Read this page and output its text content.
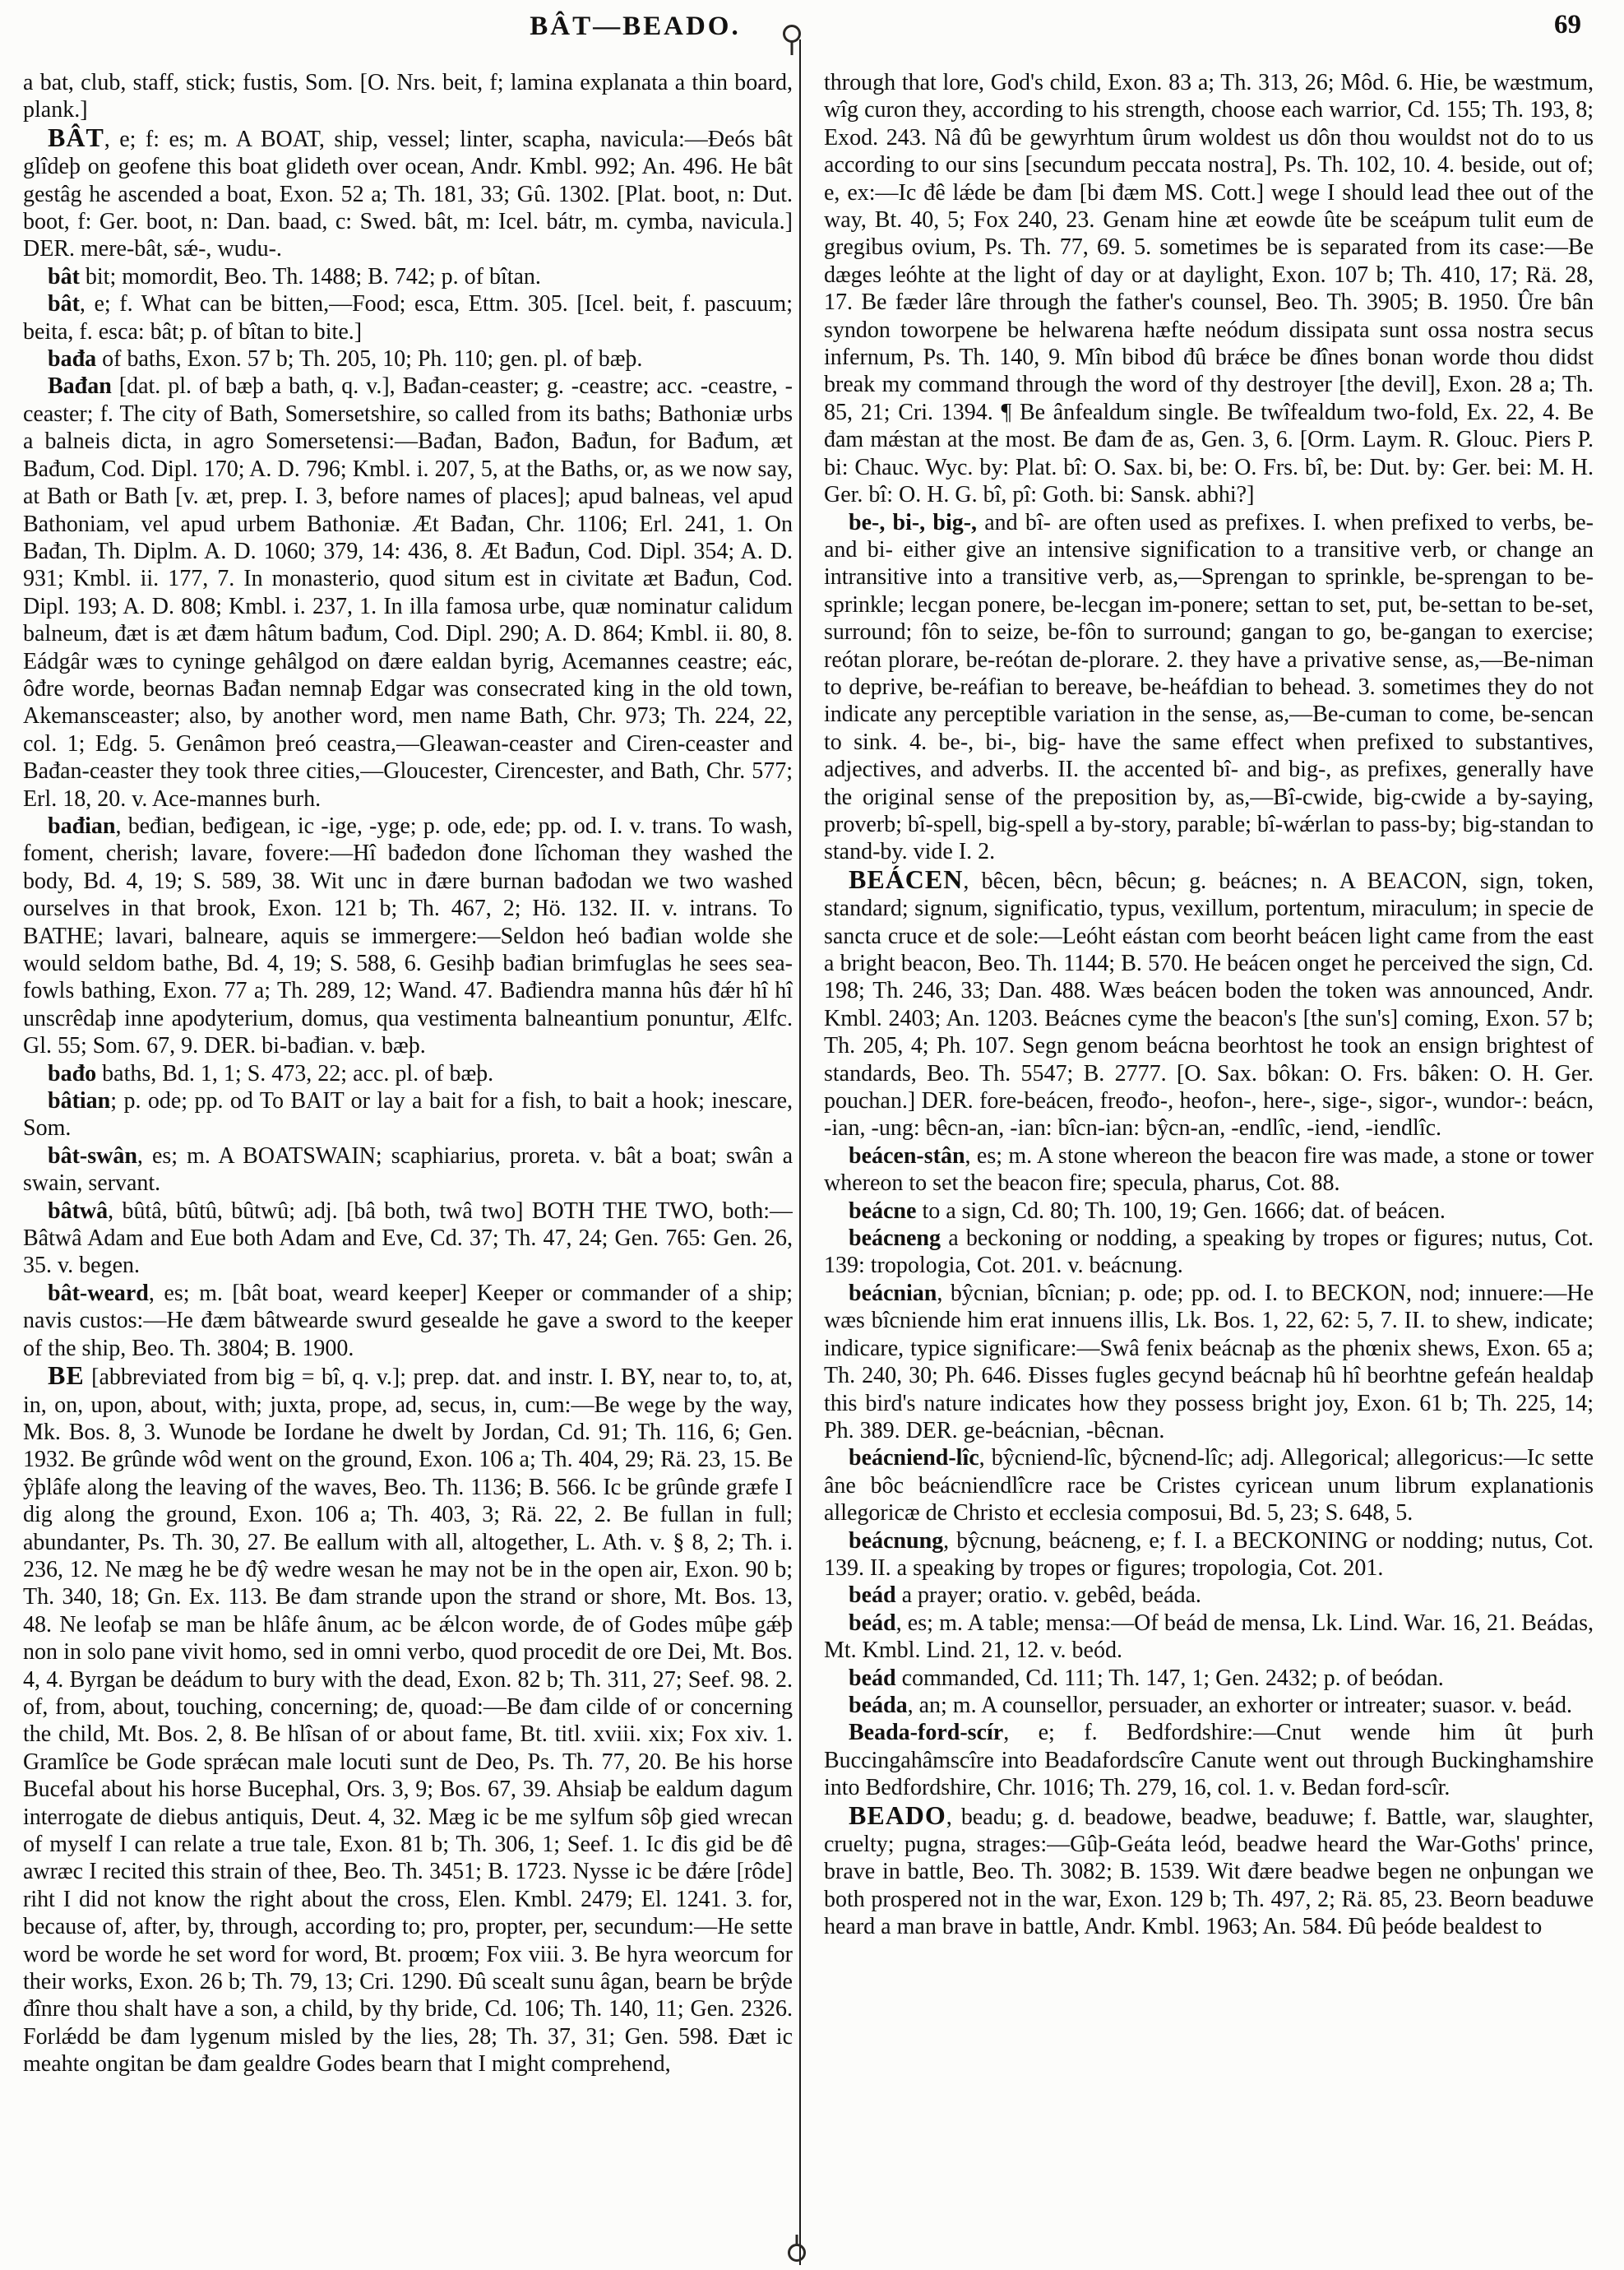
BÂT—BEADO.	69

a bat, club, staff, stick; fustis, Som. [O. Nrs. beit, f; lamina explanata a thin board, plank.]

BÂT, e; f: es; m. A BOAT, ship, vessel; linter, scapha, navicula:—Đeós bât glîdeþ on geofene this boat glideth over ocean, Andr. Kmbl. 992; An. 496. He bât gestâg he ascended a boat, Exon. 52 a; Th. 181, 33; Gû. 1302. [Plat. boot, n: Dut. boot, f: Ger. boot, n: Dan. baad, c: Swed. bât, m: Icel. bátr, m. cymba, navicula.] DER. mere-bât, sǽ-, wudu-.

bât bit; momordit, Beo. Th. 1488; B. 742; p. of bîtan.

bât, e; f. What can be bitten,—Food; esca, Ettm. 305. [Icel. beit, f. pascuum; beita, f. esca: bât; p. of bîtan to bite.]

bađa of baths, Exon. 57 b; Th. 205, 10; Ph. 110; gen. pl. of bæþ.

Bađan [dat. pl. of bæþ a bath, q. v.], Bađan-ceaster; g. -ceastre; acc. -ceastre, -ceaster; f. The city of Bath, Somersetshire, so called from its baths; Bathoniæ urbs a balneis dicta, in agro Somersetensi:—Bađan, Bađon, Bađun, for Bađum, æt Bađum, Cod. Dipl. 170; A. D. 796; Kmbl. i. 207, 5, at the Baths, or, as we now say, at Bath or Bath [v. æt, prep. I. 3, before names of places]; apud balneas, vel apud Bathoniam, vel apud urbem Bathoniæ. Æt Bađan, Chr. 1106; Erl. 241, 1. On Bađan, Th. Diplm. A. D. 1060; 379, 14: 436, 8. Æt Bađun, Cod. Dipl. 354; A. D. 931; Kmbl. ii. 177, 7. In monasterio, quod situm est in civitate æt Bađun, Cod. Dipl. 193; A. D. 808; Kmbl. i. 237, 1. In illa famosa urbe, quæ nominatur calidum balneum, đæt is æt đæm hâtum bađum, Cod. Dipl. 290; A. D. 864; Kmbl. ii. 80, 8. Eádgâr wæs to cyninge gehâlgod on đære ealdan byrig, Acemannes ceastre; eác, ôđre worde, beornas Bađan nemnaþ Edgar was consecrated king in the old town, Akemansceaster; also, by another word, men name Bath, Chr. 973; Th. 224, 22, col. 1; Edg. 5. Genâmon þreó ceastra,—Gleawan-ceaster and Ciren-ceaster and Bađan-ceaster they took three cities,—Gloucester, Cirencester, and Bath, Chr. 577; Erl. 18, 20. v. Ace-mannes burh.

bađian, beđian, beđigean, ic -ige, -yge; p. ode, ede; pp. od. I. v. trans. To wash, foment, cherish; lavare, fovere:—Hî bađedon đone lîchoman they washed the body, Bd. 4, 19; S. 589, 38. Wit unc in đære burnan bađodan we two washed ourselves in that brook, Exon. 121 b; Th. 467, 2; Hö. 132. II. v. intrans. To BATHE; lavari, balneare, aquis se immergere:—Seldon heó bađian wolde she would seldom bathe, Bd. 4, 19; S. 588, 6. Gesihþ bađian brimfuglas he sees sea-fowls bathing, Exon. 77 a; Th. 289, 12; Wand. 47. Bađiendra manna hûs đǽr hî hî unscrêdaþ inne apodyterium, domus, qua vestimenta balneantium ponuntur, Ælfc. Gl. 55; Som. 67, 9. DER. bi-bađian. v. bæþ.

bađo baths, Bd. 1, 1; S. 473, 22; acc. pl. of bæþ.

bâtian; p. ode; pp. od To BAIT or lay a bait for a fish, to bait a hook; inescare, Som.

bât-swân, es; m. A BOATSWAIN; scaphiarius, proreta. v. bât a boat; swân a swain, servant.

bâtwâ, bûtâ, bûtû, bûtwû; adj. [bâ both, twâ two] BOTH THE TWO, both:—Bâtwâ Adam and Eue both Adam and Eve, Cd. 37; Th. 47, 24; Gen. 765: Gen. 26, 35. v. begen.

bât-weard, es; m. [bât boat, weard keeper] Keeper or commander of a ship; navis custos:—He đæm bâtwearde swurd gesealde he gave a sword to the keeper of the ship, Beo. Th. 3804; B. 1900.

BE [abbreviated from big = bî, q. v.]; prep. dat. and instr. I. BY, near to, to, at, in, on, upon, about, with; juxta, prope, ad, secus, in, cum:—Be wege by the way, Mk. Bos. 8, 3. Wunode be Iordane he dwelt by Jordan, Cd. 91; Th. 116, 6; Gen. 1932. Be grûnde wôd went on the ground, Exon. 106 a; Th. 404, 29; Rä. 23, 15. Be ŷþlâfe along the leaving of the waves, Beo. Th. 1136; B. 566. Ic be grûnde græfe I dig along the ground, Exon. 106 a; Th. 403, 3; Rä. 22, 2. Be fullan in full; abundanter, Ps. Th. 30, 27. Be eallum with all, altogether, L. Ath. v. § 8, 2; Th. i. 236, 12. Ne mæg he be đŷ wedre wesan he may not be in the open air, Exon. 90 b; Th. 340, 18; Gn. Ex. 113. Be đam strande upon the strand or shore, Mt. Bos. 13, 48. Ne leofaþ se man be hlâfe ânum, ac be ǽlcon worde, đe of Godes mûþe gǽþ non in solo pane vivit homo, sed in omni verbo, quod procedit de ore Dei, Mt. Bos. 4, 4. Byrgan be deádum to bury with the dead, Exon. 82 b; Th. 311, 27; Seef. 98. 2. of, from, about, touching, concerning; de, quoad:—Be đam cilde of or concerning the child, Mt. Bos. 2, 8. Be hlîsan of or about fame, Bt. titl. xviii. xix; Fox xiv. 1. Gramlîce be Gode sprǽcan male locuti sunt de Deo, Ps. Th. 77, 20. Be his horse Bucefal about his horse Bucephal, Ors. 3, 9; Bos. 67, 39. Ahsiaþ be ealdum dagum interrogate de diebus antiquis, Deut. 4, 32. Mæg ic be me sylfum sôþ gied wrecan of myself I can relate a true tale, Exon. 81 b; Th. 306, 1; Seef. 1. Ic đis gid be đê awræc I recited this strain of thee, Beo. Th. 3451; B. 1723. Nysse ic be đǽre [rôde] riht I did not know the right about the cross, Elen. Kmbl. 2479; El. 1241. 3. for, because of, after, by, through, according to; pro, propter, per, secundum:—He sette word be worde he set word for word, Bt. proœm; Fox viii. 3. Be hyra weorcum for their works, Exon. 26 b; Th. 79, 13; Cri. 1290. Đû scealt sunu âgan, bearn be brŷde đînre thou shalt have a son, a child, by thy bride, Cd. 106; Th. 140, 11; Gen. 2326. Forlǽdd be đam lygenum misled by the lies, 28; Th. 37, 31; Gen. 598. Đæt ic meahte ongitan be đam gealdre Godes bearn that I might comprehend,

through that lore, God's child, Exon. 83 a; Th. 313, 26; Môd. 6. Hie, be wæstmum, wîg curon they, according to his strength, choose each warrior, Cd. 155; Th. 193, 8; Exod. 243. Nâ đû be gewyrhtum ûrum woldest us dôn thou wouldst not do to us according to our sins [secundum peccata nostra], Ps. Th. 102, 10. 4. beside, out of; e, ex:—Ic đê lǽde be đam [bi đæm MS. Cott.] wege I should lead thee out of the way, Bt. 40, 5; Fox 240, 23. Genam hine æt eowde ûte be sceápum tulit eum de gregibus ovium, Ps. Th. 77, 69. 5. sometimes be is separated from its case:—Be dæges leóhte at the light of day or at daylight, Exon. 107 b; Th. 410, 17; Rä. 28, 17. Be fæder lâre through the father's counsel, Beo. Th. 3905; B. 1950. Ûre bân syndon toworpene be helwarena hæfte neódum dissipata sunt ossa nostra secus infernum, Ps. Th. 140, 9. Mîn bibod đû brǽce be đînes bonan worde thou didst break my command through the word of thy destroyer [the devil], Exon. 28 a; Th. 85, 21; Cri. 1394. ¶ Be ânfealdum single. Be twîfealdum two-fold, Ex. 22, 4. Be đam mǽstan at the most. Be đam đe as, Gen. 3, 6. [Orm. Laym. R. Glouc. Piers P. bi: Chauc. Wyc. by: Plat. bî: O. Sax. bi, be: O. Frs. bî, be: Dut. by: Ger. bei: M. H. Ger. bî: O. H. G. bî, pî: Goth. bi: Sansk. abhi?]

be-, bi-, big-, and bî- are often used as prefixes. I. when prefixed to verbs, be- and bi- either give an intensive signification to a transitive verb, or change an intransitive into a transitive verb, as,—Sprengan to sprinkle, be-sprengan to be-sprinkle; lecgan ponere, be-lecgan im-ponere; settan to set, put, be-settan to be-set, surround; fôn to seize, be-fôn to surround; gangan to go, be-gangan to exercise; reótan plorare, be-reótan de-plorare. 2. they have a privative sense, as,—Be-niman to deprive, be-reáfian to bereave, be-heáfdian to behead. 3. sometimes they do not indicate any perceptible variation in the sense, as,—Be-cuman to come, be-sencan to sink. 4. be-, bi-, big- have the same effect when prefixed to substantives, adjectives, and adverbs. II. the accented bî- and big-, as prefixes, generally have the original sense of the preposition by, as,—Bî-cwide, big-cwide a by-saying, proverb; bî-spell, big-spell a by-story, parable; bî-wǽrlan to pass-by; big-standan to stand-by. vide I. 2.

BEÁCEN, bêcen, bêcn, bêcun; g. beácnes; n. A BEACON, sign, token, standard; signum, significatio, typus, vexillum, portentum, miraculum; in specie de sancta cruce et de sole:—Leóht eástan com beorht beácen light came from the east a bright beacon, Beo. Th. 1144; B. 570. He beácen onget he perceived the sign, Cd. 198; Th. 246, 33; Dan. 488. Wæs beácen boden the token was announced, Andr. Kmbl. 2403; An. 1203. Beácnes cyme the beacon's [the sun's] coming, Exon. 57 b; Th. 205, 4; Ph. 107. Segn genom beácna beorhtost he took an ensign brightest of standards, Beo. Th. 5547; B. 2777. [O. Sax. bôkan: O. Frs. bâken: O. H. Ger. pouchan.] DER. fore-beácen, freođo-, heofon-, here-, sige-, sigor-, wundor-: beácn, -ian, -ung: bêcn-an, -ian: bîcn-ian: bŷcn-an, -endlîc, -iend, -iendlîc.

beácen-stân, es; m. A stone whereon the beacon fire was made, a stone or tower whereon to set the beacon fire; specula, pharus, Cot. 88.

beácne to a sign, Cd. 80; Th. 100, 19; Gen. 1666; dat. of beácen.

beácneng a beckoning or nodding, a speaking by tropes or figures; nutus, Cot. 139: tropologia, Cot. 201. v. beácnung.

beácnian, bŷcnian, bîcnian; p. ode; pp. od. I. to BECKON, nod; innuere:—He wæs bîcniende him erat innuens illis, Lk. Bos. 1, 22, 62: 5, 7. II. to shew, indicate; indicare, typice significare:—Swâ fenix beácnaþ as the phœnix shews, Exon. 65 a; Th. 240, 30; Ph. 646. Đisses fugles gecynd beácnaþ hû hî beorhtne gefeán healdaþ this bird's nature indicates how they possess bright joy, Exon. 61 b; Th. 225, 14; Ph. 389. DER. ge-beácnian, -bêcnan.

beácniend-lîc, bŷcniend-lîc, bŷcnend-lîc; adj. Allegorical; allegoricus:—Ic sette âne bôc beácniendlîcre race be Cristes cyricean unum librum explanationis allegoricæ de Christo et ecclesia composui, Bd. 5, 23; S. 648, 5.

beácnung, bŷcnung, beácneng, e; f. I. a BECKONING or nodding; nutus, Cot. 139. II. a speaking by tropes or figures; tropologia, Cot. 201.

beád a prayer; oratio. v. gebêd, beáda.

beád, es; m. A table; mensa:—Of beád de mensa, Lk. Lind. War. 16, 21. Beádas, Mt. Kmbl. Lind. 21, 12. v. beód.

beád commanded, Cd. 111; Th. 147, 1; Gen. 2432; p. of beódan.

beáda, an; m. A counsellor, persuader, an exhorter or intreater; suasor. v. beád.

Beada-ford-scír, e; f. Bedfordshire:—Cnut wende him ût þurh Buccingahâmscîre into Beadafordscîre Canute went out through Buckinghamshire into Bedfordshire, Chr. 1016; Th. 279, 16, col. 1. v. Bedan ford-scîr.

BEADO, beadu; g. d. beadowe, beadwe, beaduwe; f. Battle, war, slaughter, cruelty; pugna, strages:—Gûþ-Geáta leód, beadwe heard the War-Goths' prince, brave in battle, Beo. Th. 3082; B. 1539. Wit đære beadwe begen ne onþungan we both prospered not in the war, Exon. 129 b; Th. 497, 2; Rä. 85, 23. Beorn beaduwe heard a man brave in battle, Andr. Kmbl. 1963; An. 584. Đû þeóde bealdest to
